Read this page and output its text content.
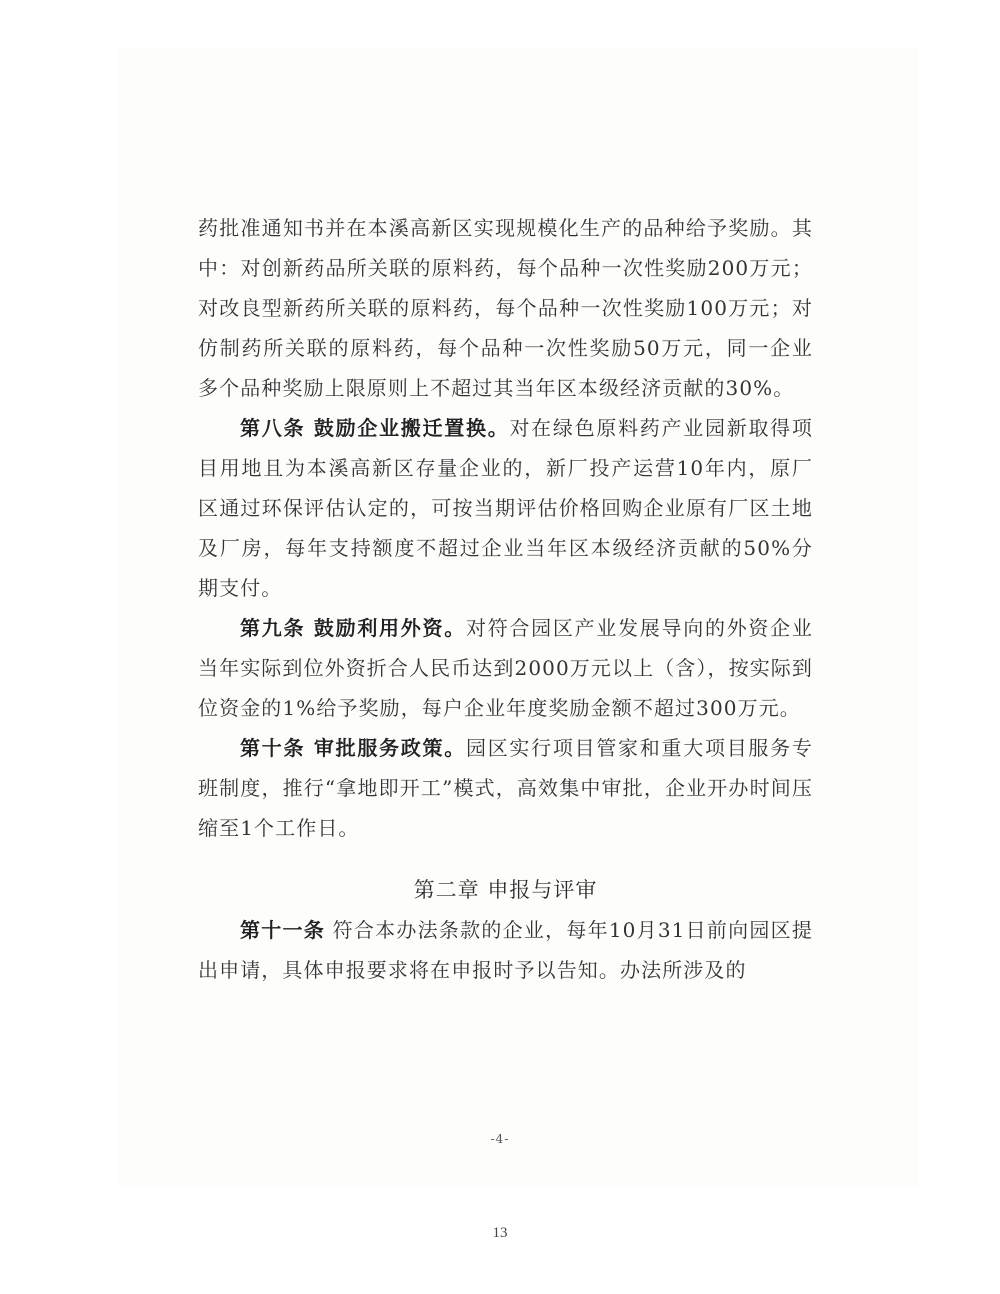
药批准通知书并在本溪高新区实现规模化生产的品种给予奖励。其中：对创新药品所关联的原料药，每个品种一次性奖励200万元；对改良型新药所关联的原料药，每个品种一次性奖励100万元；对仿制药所关联的原料药，每个品种一次性奖励50万元，同一企业多个品种奖励上限原则上不超过其当年区本级经济贡献的30%。

第八条 鼓励企业搬迁置换。对在绿色原料药产业园新取得项目用地且为本溪高新区存量企业的，新厂投产运营10年内，原厂区通过环保评估认定的，可按当期评估价格回购企业原有厂区土地及厂房，每年支持额度不超过企业当年区本级经济贡献的50%分期支付。

第九条 鼓励利用外资。对符合园区产业发展导向的外资企业当年实际到位外资折合人民币达到2000万元以上（含），按实际到位资金的1%给予奖励，每户企业年度奖励金额不超过300万元。

第十条 审批服务政策。园区实行项目管家和重大项目服务专班制度，推行“拿地即开工”模式，高效集中审批，企业开办时间压缩至1个工作日。

第二章 申报与评审

第十一条 符合本办法条款的企业，每年10月31日前向园区提出申请，具体申报要求将在申报时予以告知。办法所涉及的

-4-
13
